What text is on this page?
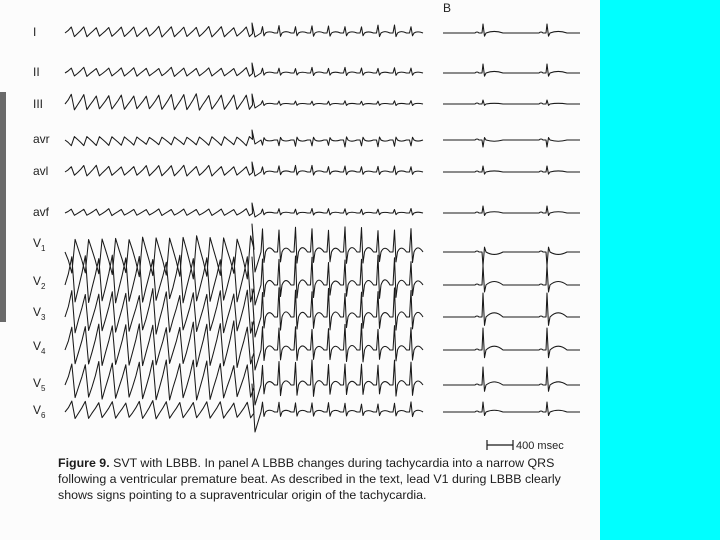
I
II
III
avr
avl
avf
$V_1$
$V_2$
$V_3$
$V_4$
$V_5$
$V_6$
B
400 msec
Figure 9. SVT with LBBB. In panel A LBBB changes during tachycardia into a narrow QRS following a ventricular premature beat. As described in the text, lead V1 during LBBB clearly shows signs pointing to a supraventricular origin of the tachycardia.
